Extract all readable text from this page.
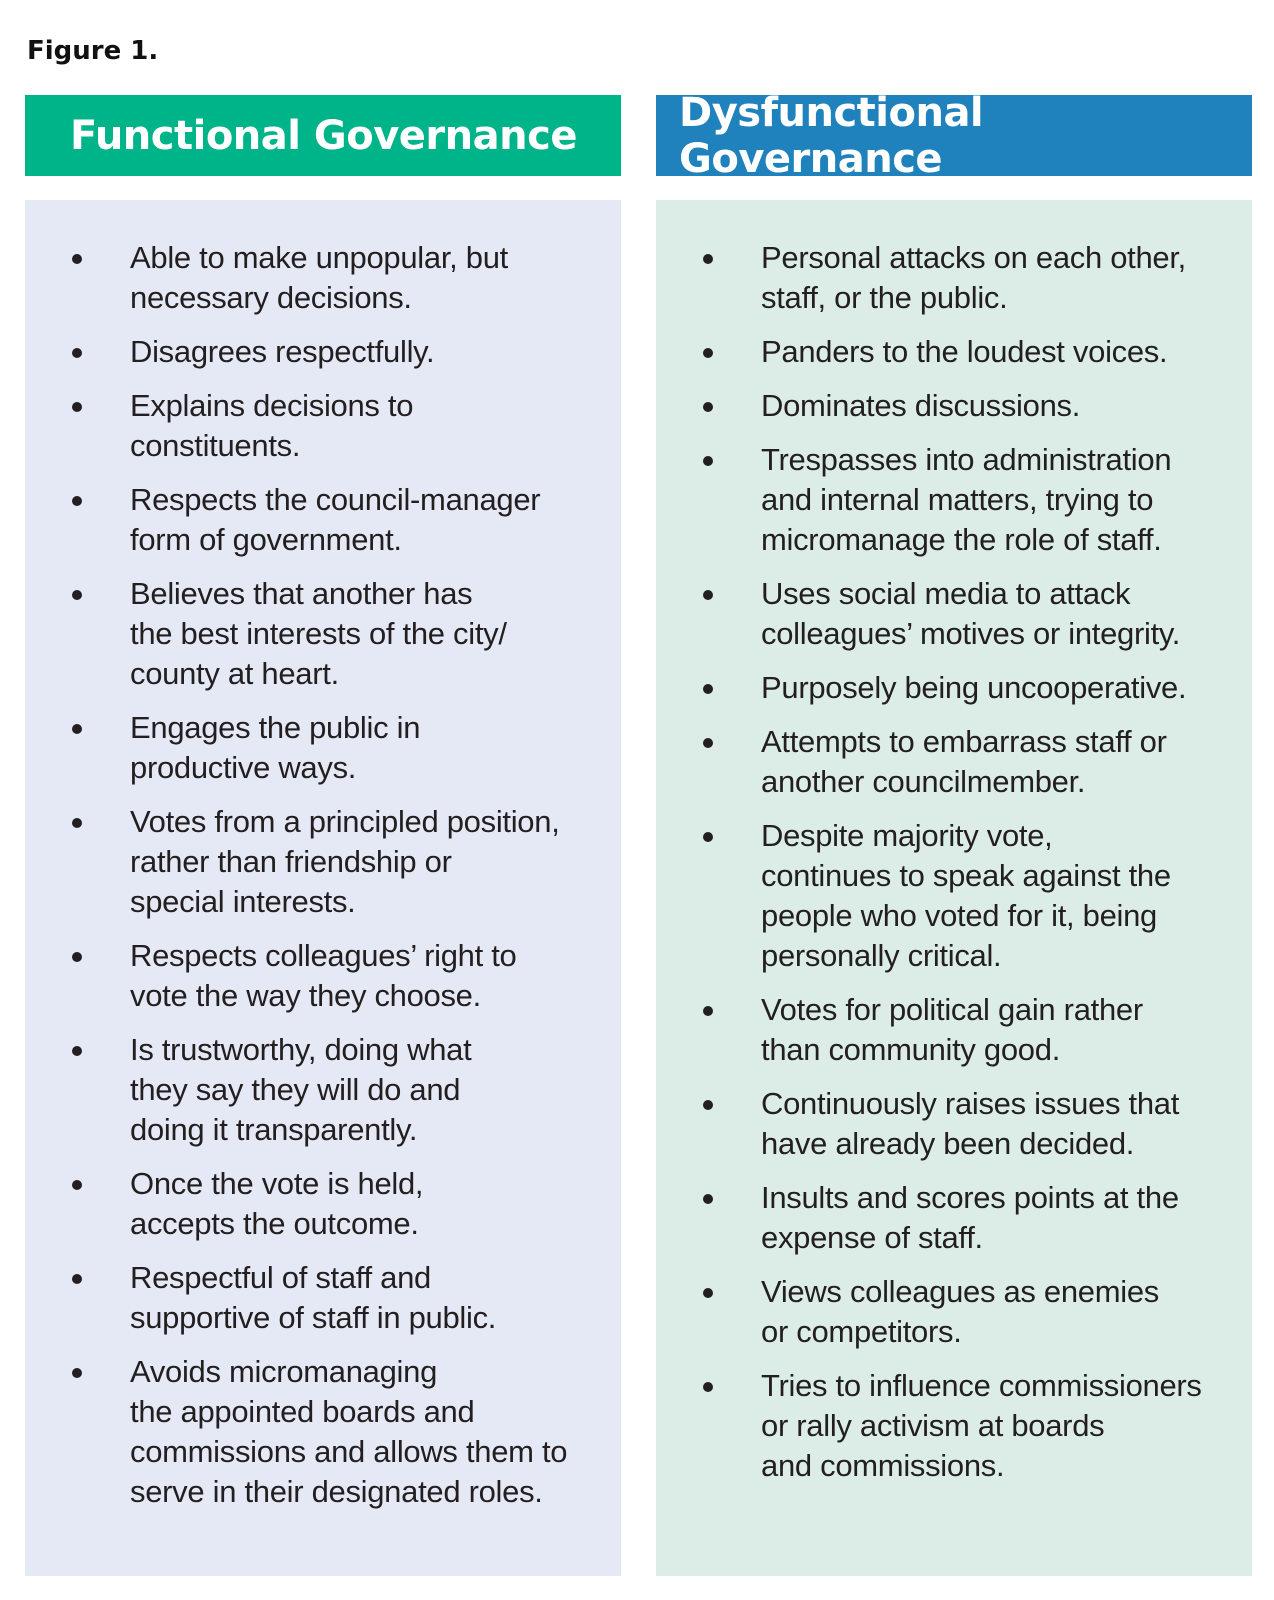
Figure 1.
Functional Governance	Dysfunctional Governance
Able to make unpopular, but
necessary decisions.
Disagrees respectfully.
Explains decisions to
constituents.
Respects the council-manager
form of government.
Believes that another has
the best interests of the city/
county at heart.
Engages the public in
productive ways.
Votes from a principled position,
rather than friendship or
special interests.
Respects colleagues’ right to
vote the way they choose.
Is trustworthy, doing what
they say they will do and
doing it transparently.
Once the vote is held,
accepts the outcome.
Respectful of staff and
supportive of staff in public.
Avoids micromanaging
the appointed boards and
commissions and allows them to
serve in their designated roles.
Personal attacks on each other,
staff, or the public.
Panders to the loudest voices.
Dominates discussions.
Trespasses into administration
and internal matters, trying to
micromanage the role of staff.
Uses social media to attack
colleagues’ motives or integrity.
Purposely being uncooperative.
Attempts to embarrass staff or
another councilmember.
Despite majority vote,
continues to speak against the
people who voted for it, being
personally critical.
Votes for political gain rather
than community good.
Continuously raises issues that
have already been decided.
Insults and scores points at the
expense of staff.
Views colleagues as enemies
or competitors.
Tries to influence commissioners
or rally activism at boards
and commissions.
